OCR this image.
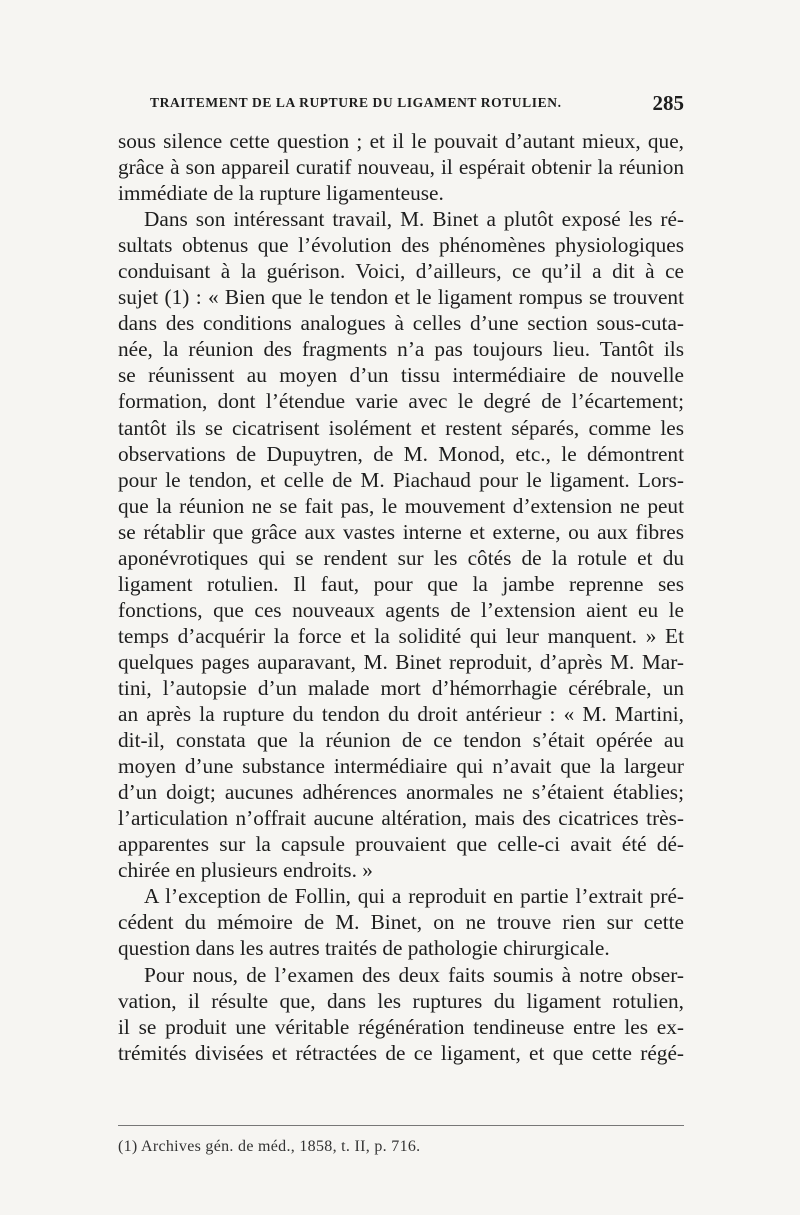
TRAITEMENT DE LA RUPTURE DU LIGAMENT ROTULIEN.	285
sous silence cette question ; et il le pouvait d’autant mieux, que,
grâce à son appareil curatif nouveau, il espérait obtenir la réunion
immédiate de la rupture ligamenteuse.
Dans son intéressant travail, M. Binet a plutôt exposé les ré-
sultats obtenus que l’évolution des phénomènes physiologiques
conduisant à la guérison. Voici, d’ailleurs, ce qu’il a dit à ce
sujet (1) : « Bien que le tendon et le ligament rompus se trouvent
dans des conditions analogues à celles d’une section sous-cuta-
née, la réunion des fragments n’a pas toujours lieu. Tantôt ils
se réunissent au moyen d’un tissu intermédiaire de nouvelle
formation, dont l’étendue varie avec le degré de l’écartement;
tantôt ils se cicatrisent isolément et restent séparés, comme les
observations de Dupuytren, de M. Monod, etc., le démontrent
pour le tendon, et celle de M. Piachaud pour le ligament. Lors-
que la réunion ne se fait pas, le mouvement d’extension ne peut
se rétablir que grâce aux vastes interne et externe, ou aux fibres
aponévrotiques qui se rendent sur les côtés de la rotule et du
ligament rotulien. Il faut, pour que la jambe reprenne ses
fonctions, que ces nouveaux agents de l’extension aient eu le
temps d’acquérir la force et la solidité qui leur manquent. » Et
quelques pages auparavant, M. Binet reproduit, d’après M. Mar-
tini, l’autopsie d’un malade mort d’hémorrhagie cérébrale, un
an après la rupture du tendon du droit antérieur : « M. Martini,
dit-il, constata que la réunion de ce tendon s’était opérée au
moyen d’une substance intermédiaire qui n’avait que la largeur
d’un doigt; aucunes adhérences anormales ne s’étaient établies;
l’articulation n’offrait aucune altération, mais des cicatrices très-
apparentes sur la capsule prouvaient que celle-ci avait été dé-
chirée en plusieurs endroits. »
A l’exception de Follin, qui a reproduit en partie l’extrait pré-
cédent du mémoire de M. Binet, on ne trouve rien sur cette
question dans les autres traités de pathologie chirurgicale.
Pour nous, de l’examen des deux faits soumis à notre obser-
vation, il résulte que, dans les ruptures du ligament rotulien,
il se produit une véritable régénération tendineuse entre les ex-
trémités divisées et rétractées de ce ligament, et que cette régé-
(1) Archives gén. de méd., 1858, t. II, p. 716.
